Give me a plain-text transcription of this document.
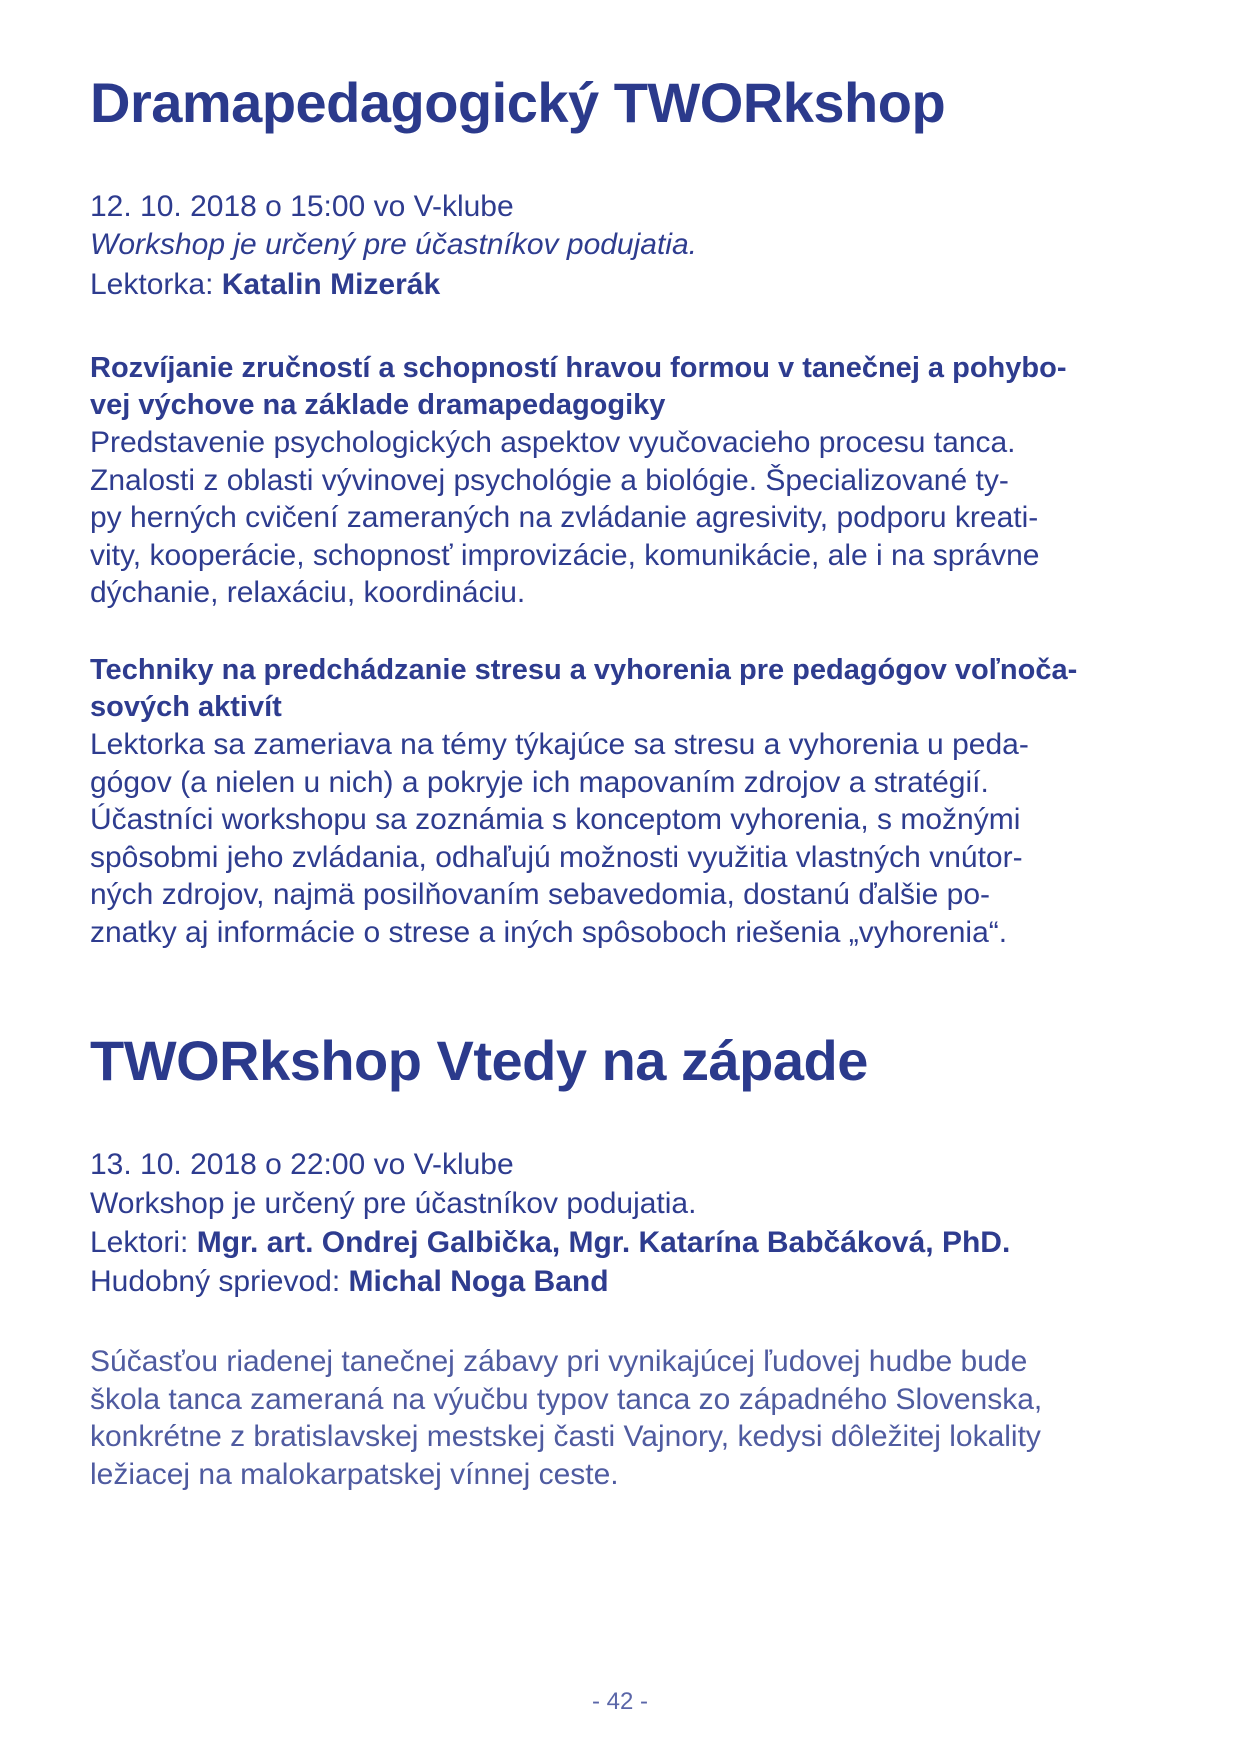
Dramapedagogický TWORkshop

12. 10. 2018 o 15:00 vo V-klube

Workshop je určený pre účastníkov podujatia.

Lektorka: Katalin Mizerák

Rozvíjanie zručností a schopností hravou formou v tanečnej a pohybo-
vej výchove na základe dramapedagogiky
Predstavenie psychologických aspektov vyučovacieho procesu tanca.
Znalosti z oblasti vývinovej psychológie a biológie. Špecializované ty-
py herných cvičení zameraných na zvládanie agresivity, podporu kreati-
vity, kooperácie, schopnosť improvizácie, komunikácie, ale i na správne
dýchanie, relaxáciu, koordináciu.
Techniky na predchádzanie stresu a vyhorenia pre pedagógov voľnoča-
sových aktivít
Lektorka sa zameriava na témy týkajúce sa stresu a vyhorenia u peda-
gógov (a nielen u nich) a pokryje ich mapovaním zdrojov a stratégií.
Účastníci workshopu sa zoznámia s konceptom vyhorenia, s možnými
spôsobmi jeho zvládania, odhaľujú možnosti využitia vlastných vnútor-
ných zdrojov, najmä posilňovaním sebavedomia, dostanú ďalšie po-
znatky aj informácie o strese a iných spôsoboch riešenia „vyhorenia“.
TWORkshop Vtedy na západe

13. 10. 2018 o 22:00 vo V-klube

Workshop je určený pre účastníkov podujatia.

Lektori: Mgr. art. Ondrej Galbička, Mgr. Katarína Babčáková, PhD.

Hudobný sprievod: Michal Noga Band

Súčasťou riadenej tanečnej zábavy pri vynikajúcej ľudovej hudbe bude
škola tanca zameraná na výučbu typov tanca zo západného Slovenska,
konkrétne z bratislavskej mestskej časti Vajnory, kedysi dôležitej lokality
ležiacej na malokarpatskej vínnej ceste.
- 42 -
